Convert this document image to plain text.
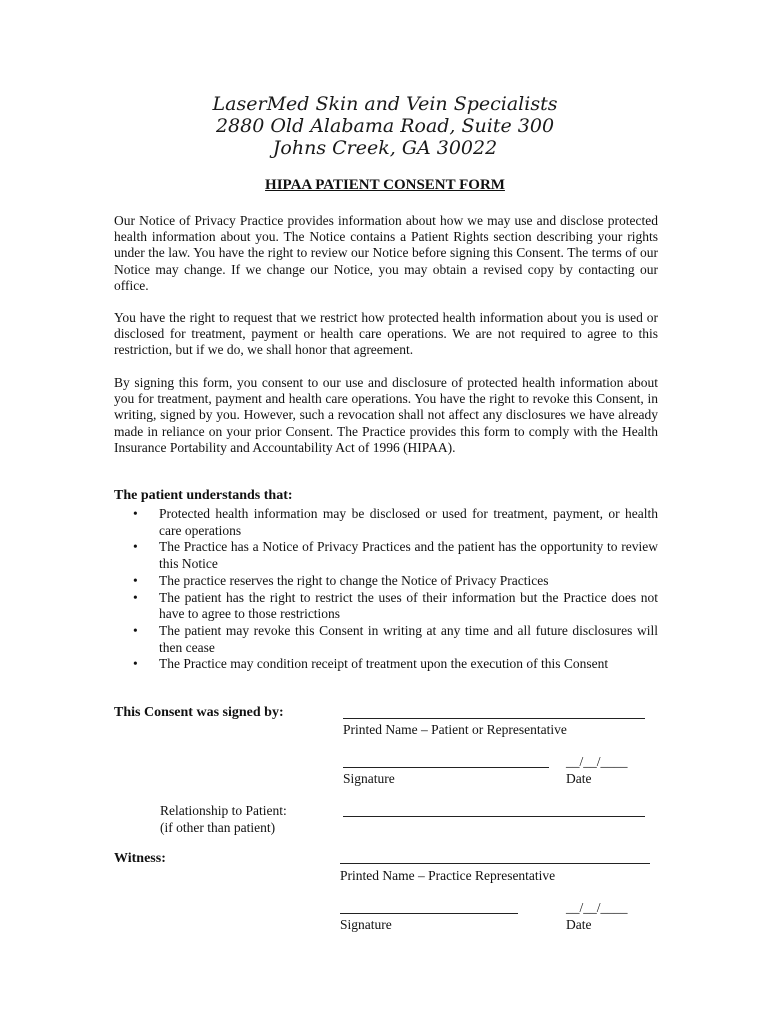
LaserMed Skin and Vein Specialists
2880 Old Alabama Road, Suite 300
Johns Creek, GA 30022
HIPAA PATIENT CONSENT FORM

Our Notice of Privacy Practice provides information about how we may use and disclose protected health information about you. The Notice contains a Patient Rights section describing your rights under the law. You have the right to review our Notice before signing this Consent. The terms of our Notice may change. If we change our Notice, you may obtain a revised copy by contacting our office.

You have the right to request that we restrict how protected health information about you is used or disclosed for treatment, payment or health care operations. We are not required to agree to this restriction, but if we do, we shall honor that agreement.

By signing this form, you consent to our use and disclosure of protected health information about you for treatment, payment and health care operations. You have the right to revoke this Consent, in writing, signed by you. However, such a revocation shall not affect any disclosures we have already made in reliance on your prior Consent. The Practice provides this form to comply with the Health Insurance Portability and Accountability Act of 1996 (HIPAA).

The patient understands that:
• Protected health information may be disclosed or used for treatment, payment, or health care operations
• The Practice has a Notice of Privacy Practices and the patient has the opportunity to review this Notice
• The practice reserves the right to change the Notice of Privacy Practices
• The patient has the right to restrict the uses of their information but the Practice does not have to agree to those restrictions
• The patient may revoke this Consent in writing at any time and all future disclosures will then cease
• The Practice may condition receipt of treatment upon the execution of this Consent
This Consent was signed by:
Printed Name – Patient or Representative
__/__/____
Signature	Date
Relationship to Patient:
(if other than patient)
Witness:
Printed Name – Practice Representative
__/__/____
Signature	Date
